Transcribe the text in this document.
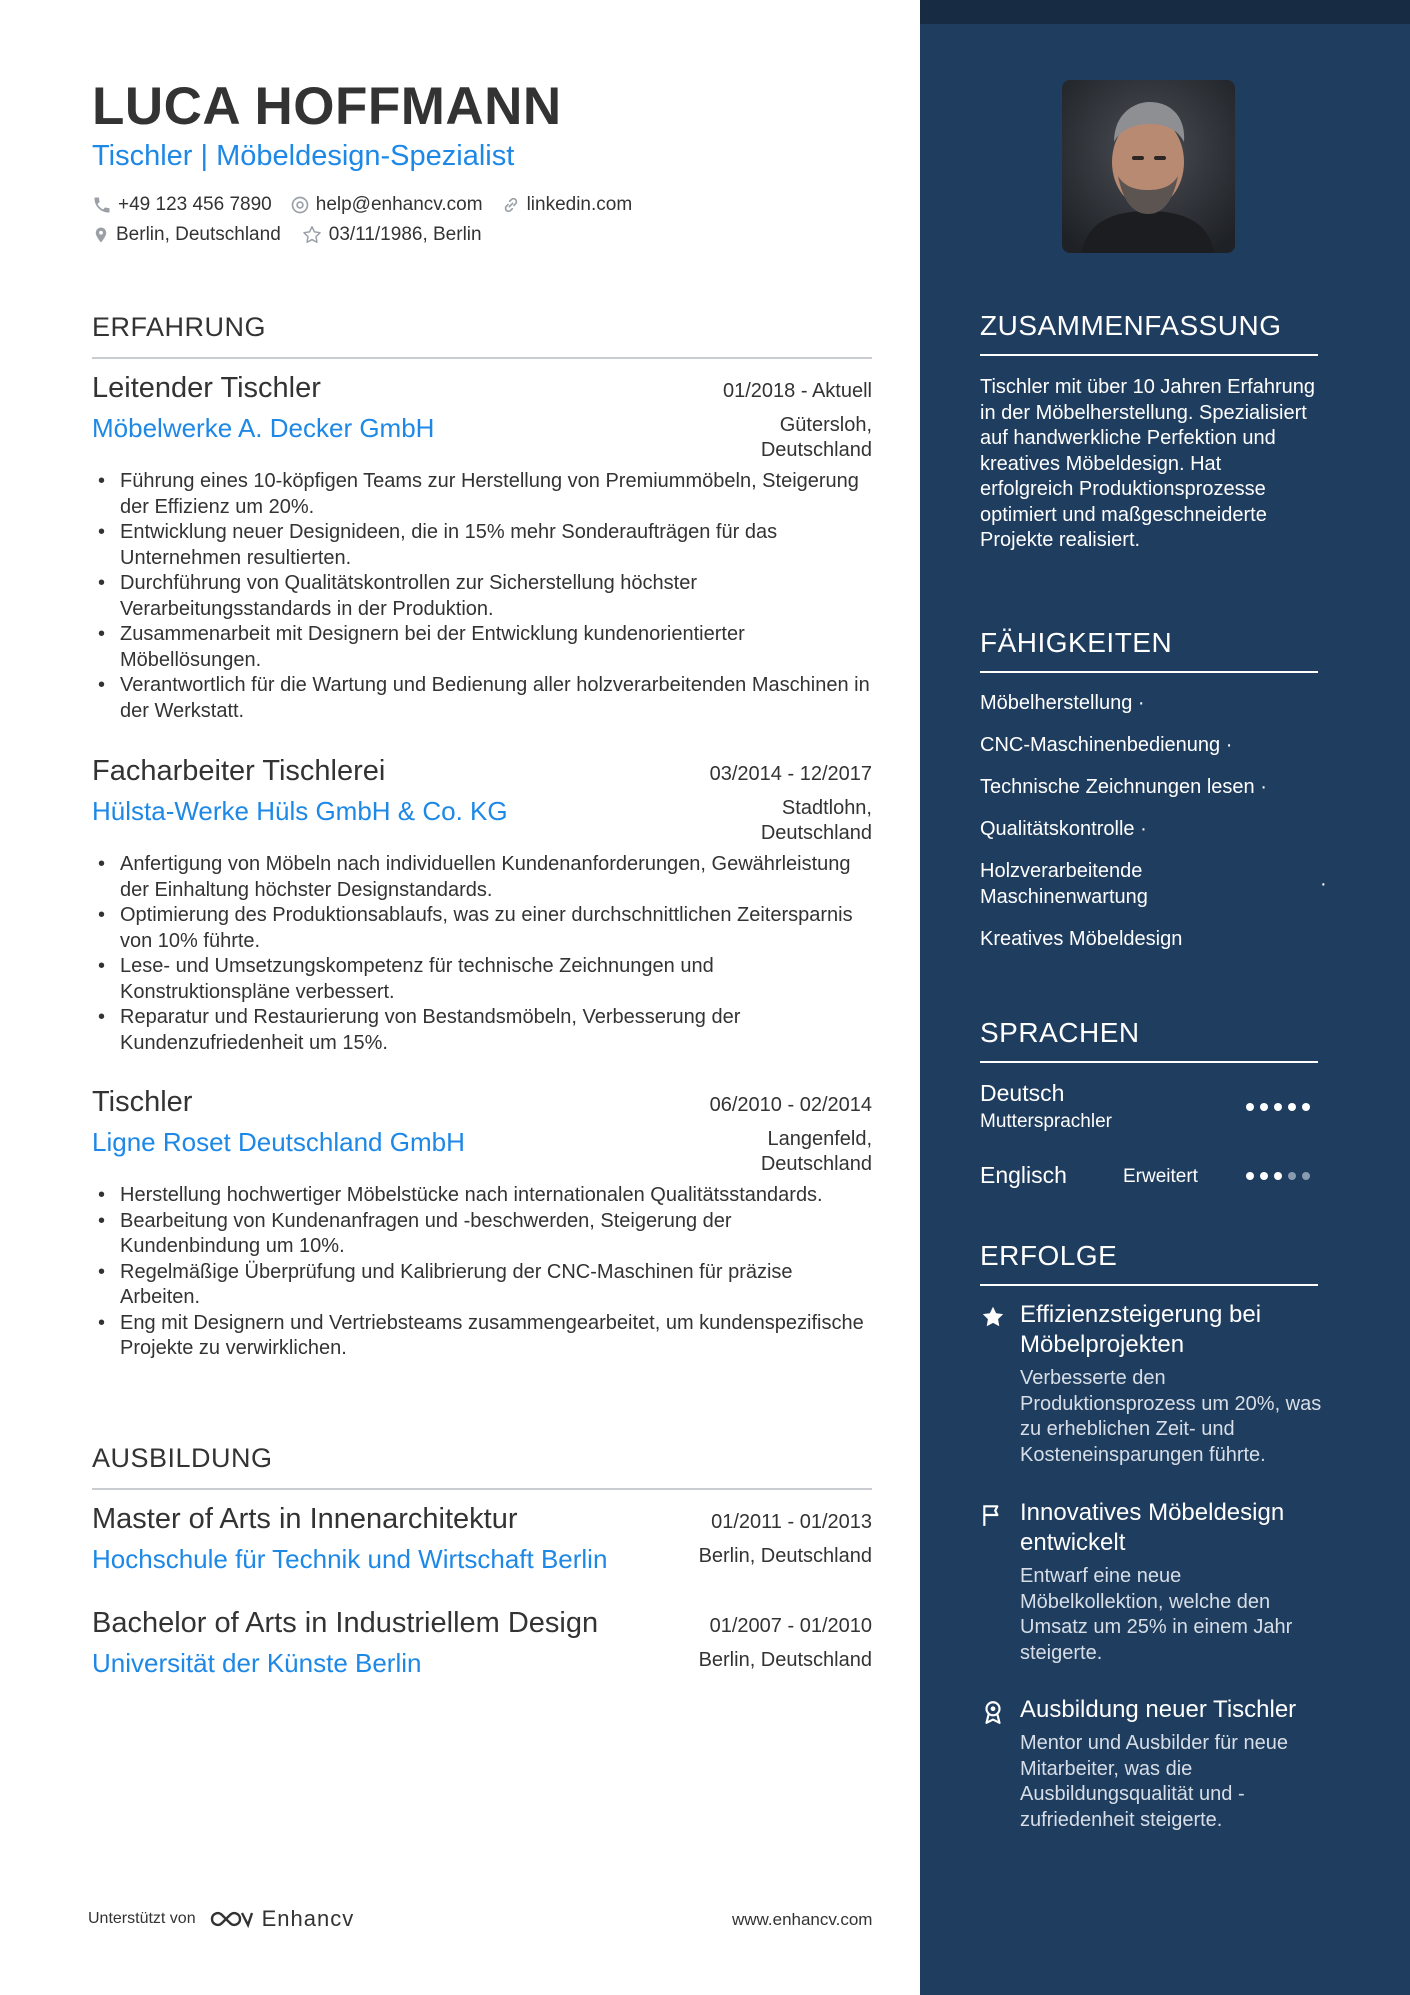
LUCA HOFFMANN
Tischler | Möbeldesign-Spezialist
+49 123 456 7890 help@enhancv.com linkedin.com
Berlin, Deutschland	03/11/1986, Berlin
ERFAHRUNG
Leitender Tischler	01/2018 - Aktuell
Möbelwerke A. Decker GmbH	Gütersloh,
Deutschland
• Führung eines 10-köpfigen Teams zur Herstellung von Premiummöbeln, Steigerung der Effizienz um 20%.
• Entwicklung neuer Designideen, die in 15% mehr Sonderaufträgen für das Unternehmen resultierten.
• Durchführung von Qualitätskontrollen zur Sicherstellung höchster Verarbeitungsstandards in der Produktion.
• Zusammenarbeit mit Designern bei der Entwicklung kundenorientierter Möbellösungen.
• Verantwortlich für die Wartung und Bedienung aller holzverarbeitenden Maschinen in der Werkstatt.
Facharbeiter Tischlerei	03/2014 - 12/2017
Hülsta-Werke Hüls GmbH & Co. KG	Stadtlohn,
Deutschland
• Anfertigung von Möbeln nach individuellen Kundenanforderungen, Gewährleistung der Einhaltung höchster Designstandards.
• Optimierung des Produktionsablaufs, was zu einer durchschnittlichen Zeitersparnis von 10% führte.
• Lese- und Umsetzungskompetenz für technische Zeichnungen und Konstruktionspläne verbessert.
• Reparatur und Restaurierung von Bestandsmöbeln, Verbesserung der Kundenzufriedenheit um 15%.
Tischler	06/2010 - 02/2014
Ligne Roset Deutschland GmbH	Langenfeld,
Deutschland
• Herstellung hochwertiger Möbelstücke nach internationalen Qualitätsstandards.
• Bearbeitung von Kundenanfragen und -beschwerden, Steigerung der Kundenbindung um 10%.
• Regelmäßige Überprüfung und Kalibrierung der CNC-Maschinen für präzise Arbeiten.
• Eng mit Designern und Vertriebsteams zusammengearbeitet, um kundenspezifische Projekte zu verwirklichen.
AUSBILDUNG
Master of Arts in Innenarchitektur	01/2011 - 01/2013
Hochschule für Technik und Wirtschaft Berlin	Berlin, Deutschland
Bachelor of Arts in Industriellem Design	01/2007 - 01/2010
Universität der Künste Berlin	Berlin, Deutschland
Unterstützt von	Enhancv	www.enhancv.com
ZUSAMMENFASSUNG
Tischler mit über 10 Jahren Erfahrung in der Möbelherstellung. Spezialisiert auf handwerkliche Perfektion und kreatives Möbeldesign. Hat erfolgreich Produktionsprozesse optimiert und maßgeschneiderte Projekte realisiert.
FÄHIGKEITEN
Möbelherstellung ·
CNC-Maschinenbedienung ·
Technische Zeichnungen lesen ·
Qualitätskontrolle ·
Holzverarbeitende Maschinenwartung
·
Kreatives Möbeldesign
SPRACHEN
Deutsch
Muttersprachler
Englisch	Erweitert
ERFOLGE
Effizienzsteigerung bei Möbelprojekten
Verbesserte den Produktionsprozess um 20%, was zu erheblichen Zeit- und Kosteneinsparungen führte.
Innovatives Möbeldesign entwickelt
Entwarf eine neue Möbelkollektion, welche den Umsatz um 25% in einem Jahr steigerte.
Ausbildung neuer Tischler
Mentor und Ausbilder für neue Mitarbeiter, was die Ausbildungsqualität und -zufriedenheit steigerte.
